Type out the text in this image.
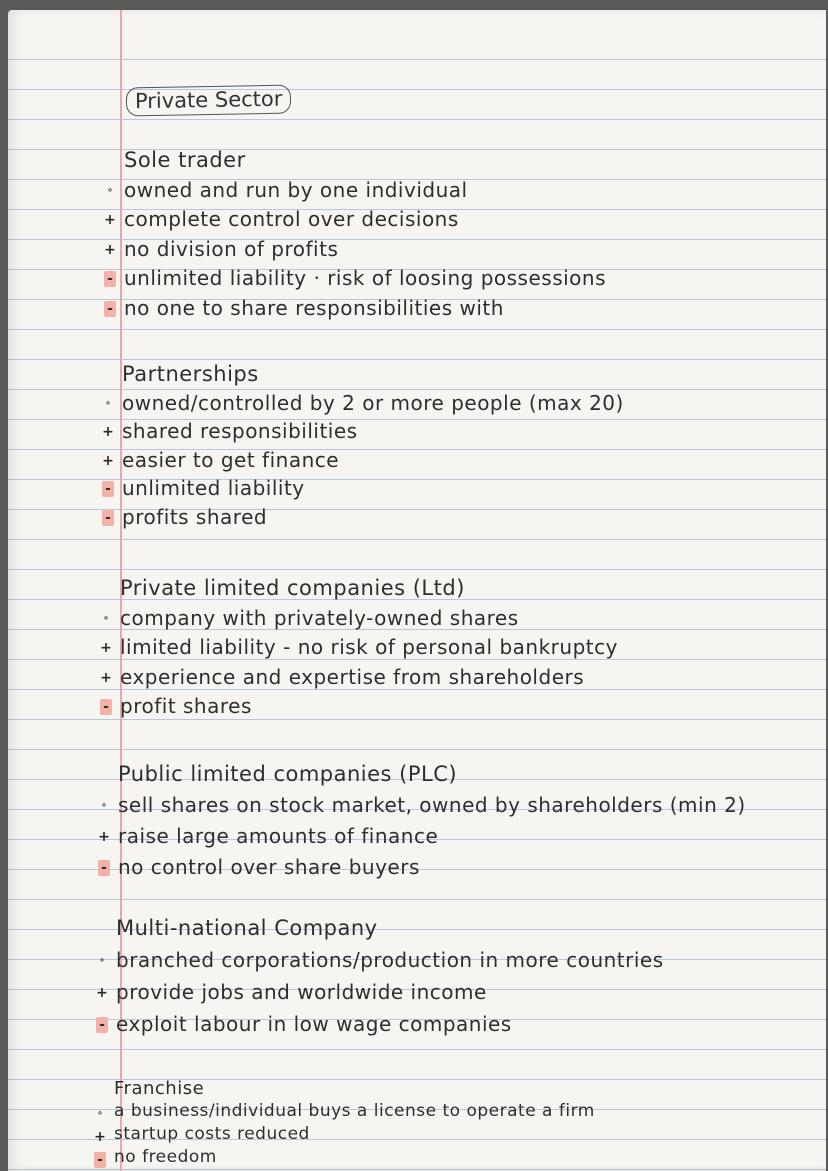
Private Sector
Sole trader
∘ owned and run by one individual
+ complete control over decisions
+ no division of profits
- unlimited liability · risk of loosing possessions
- no one to share responsibilities with
Partnerships
∘ owned/controlled by 2 or more people (max 20)
+ shared responsibilities
+ easier to get finance
- unlimited liability
- profits shared
Private limited companies (Ltd)
∘ company with privately-owned shares
+ limited liability - no risk of personal bankruptcy
+ experience and expertise from shareholders
- profit shares
Public limited companies (PLC)
∘ sell shares on stock market, owned by shareholders (min 2)
+ raise large amounts of finance
- no control over share buyers
Multi-national Company
∘ branched corporations/production in more countries
+ provide jobs and worldwide income
- exploit labour in low wage companies
Franchise
∘ a business/individual buys a license to operate a firm
+ startup costs reduced
- no freedom
